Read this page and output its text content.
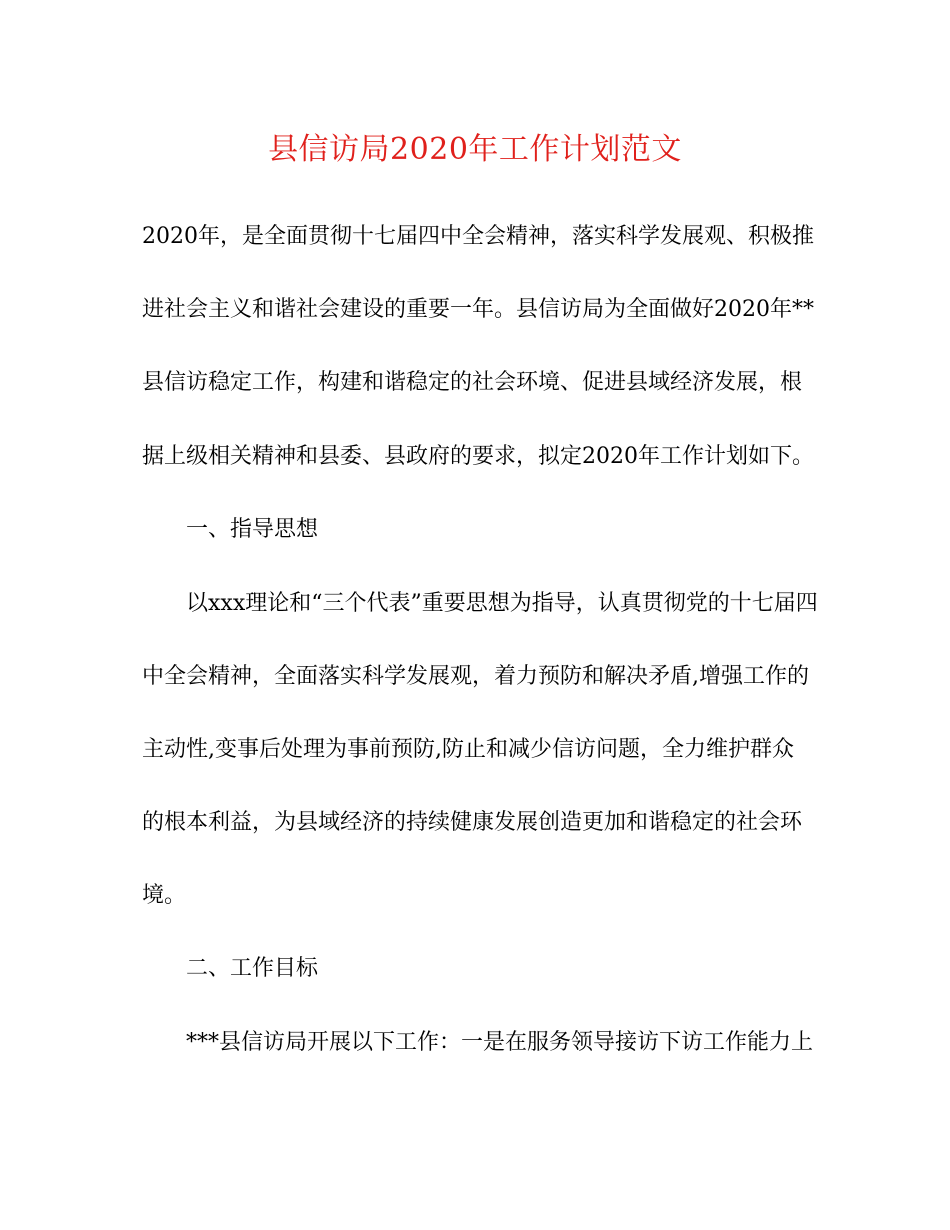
县信访局2020年工作计划范文
2020年，是全面贯彻十七届四中全会精神，落实科学发展观、积极推
进社会主义和谐社会建设的重要一年。县信访局为全面做好2020年**
县信访稳定工作，构建和谐稳定的社会环境、促进县域经济发展，根
据上级相关精神和县委、县政府的要求，拟定2020年工作计划如下。
一、指导思想
以xxx理论和“三个代表”重要思想为指导，认真贯彻党的十七届四
中全会精神，全面落实科学发展观，着力预防和解决矛盾,增强工作的
主动性,变事后处理为事前预防,防止和减少信访问题，全力维护群众
的根本利益，为县域经济的持续健康发展创造更加和谐稳定的社会环
境。
二、工作目标
***县信访局开展以下工作：一是在服务领导接访下访工作能力上
